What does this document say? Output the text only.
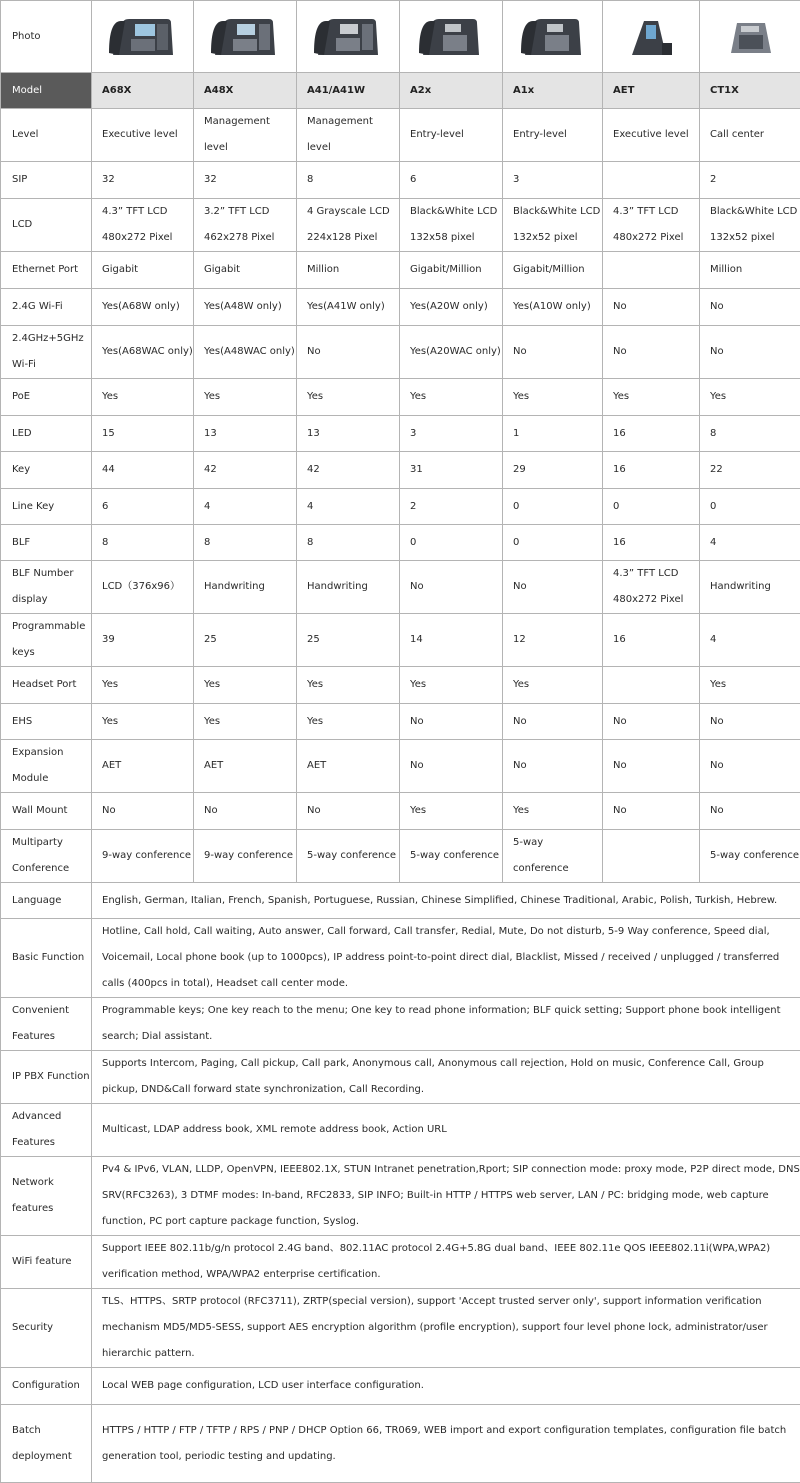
Photo	

Model	A68X	A48X	A41/A41W	A2x	A1x	AET	CT1X
Level	Executive level	Management level	Management level	Entry-level	Entry-level	Executive level	Call center
SIP	32	32	8	6	3		2
LCD	4.3” TFT LCD 480x272 Pixel	3.2” TFT LCD 462x278 Pixel	4 Grayscale LCD 224x128 Pixel	Black&White LCD 132x58 pixel	Black&White LCD 132x52 pixel	4.3” TFT LCD 480x272 Pixel	Black&White LCD 132x52 pixel
Ethernet Port	Gigabit	Gigabit	Million	Gigabit/Million	Gigabit/Million		Million
2.4G Wi-Fi	Yes(A68W only)	Yes(A48W only)	Yes(A41W only)	Yes(A20W only)	Yes(A10W only)	No	No
2.4GHz+5GHz Wi-Fi	Yes(A68WAC only)	Yes(A48WAC only)	No	Yes(A20WAC only)	No	No	No
PoE	Yes	Yes	Yes	Yes	Yes	Yes	Yes
LED	15	13	13	3	1	16	8
Key	44	42	42	31	29	16	22
Line Key	6	4	4	2	0	0	0
BLF	8	8	8	0	0	16	4
BLF Number display	LCD（376x96）	Handwriting	Handwriting	No	No	4.3” TFT LCD 480x272 Pixel	Handwriting
Programmable keys	39	25	25	14	12	16	4
Headset Port	Yes	Yes	Yes	Yes	Yes		Yes
EHS	Yes	Yes	Yes	No	No	No	No
Expansion Module	AET	AET	AET	No	No	No	No
Wall Mount	No	No	No	Yes	Yes	No	No
Multiparty Conference	9-way conference	9-way conference	5-way conference	5-way conference	5-way conference		5-way conference
Language	English, German, Italian, French, Spanish, Portuguese, Russian, Chinese Simplified, Chinese Traditional, Arabic, Polish, Turkish, Hebrew.						
Basic Function	Hotline, Call hold, Call waiting, Auto answer, Call forward, Call transfer, Redial, Mute, Do not disturb, 5-9 Way conference, Speed dial, Voicemail, Local phone book (up to 1000pcs), IP address point-to-point direct dial, Blacklist, Missed / received / unplugged / transferred calls (400pcs in total), Headset call center mode.						
Convenient Features	Programmable keys; One key reach to the menu; One key to read phone information; BLF quick setting; Support phone book intelligent search; Dial assistant.						
IP PBX Function	Supports Intercom, Paging, Call pickup, Call park, Anonymous call, Anonymous call rejection, Hold on music, Conference Call, Group pickup, DND&Call forward state synchronization, Call Recording.						
Advanced Features	Multicast, LDAP address book, XML remote address book, Action URL						
Network features	Pv4 & IPv6, VLAN, LLDP, OpenVPN, IEEE802.1X, STUN Intranet penetration,Rport; SIP connection mode: proxy mode, P2P direct mode, DNS SRV(RFC3263), 3 DTMF modes: In-band, RFC2833, SIP INFO; Built-in HTTP / HTTPS web server, LAN / PC: bridging mode, web capture function, PC port capture package function, Syslog.						
WiFi feature	Support IEEE 802.11b/g/n protocol 2.4G band、802.11AC protocol 2.4G+5.8G dual band、IEEE 802.11e QOS IEEE802.11i(WPA,WPA2) verification method, WPA/WPA2 enterprise certification.						
Security	TLS、HTTPS、SRTP protocol (RFC3711), ZRTP(special version), support 'Accept trusted server only', support information verification mechanism MD5/MD5-SESS, support AES encryption algorithm (profile encryption), support four level phone lock, administrator/user hierarchic pattern.						
Configuration	Local WEB page configuration, LCD user interface configuration.						
Batch deployment	HTTPS / HTTP / FTP / TFTP / RPS / PNP / DHCP Option 66, TR069, WEB import and export configuration templates, configuration file batch generation tool, periodic testing and updating.						
